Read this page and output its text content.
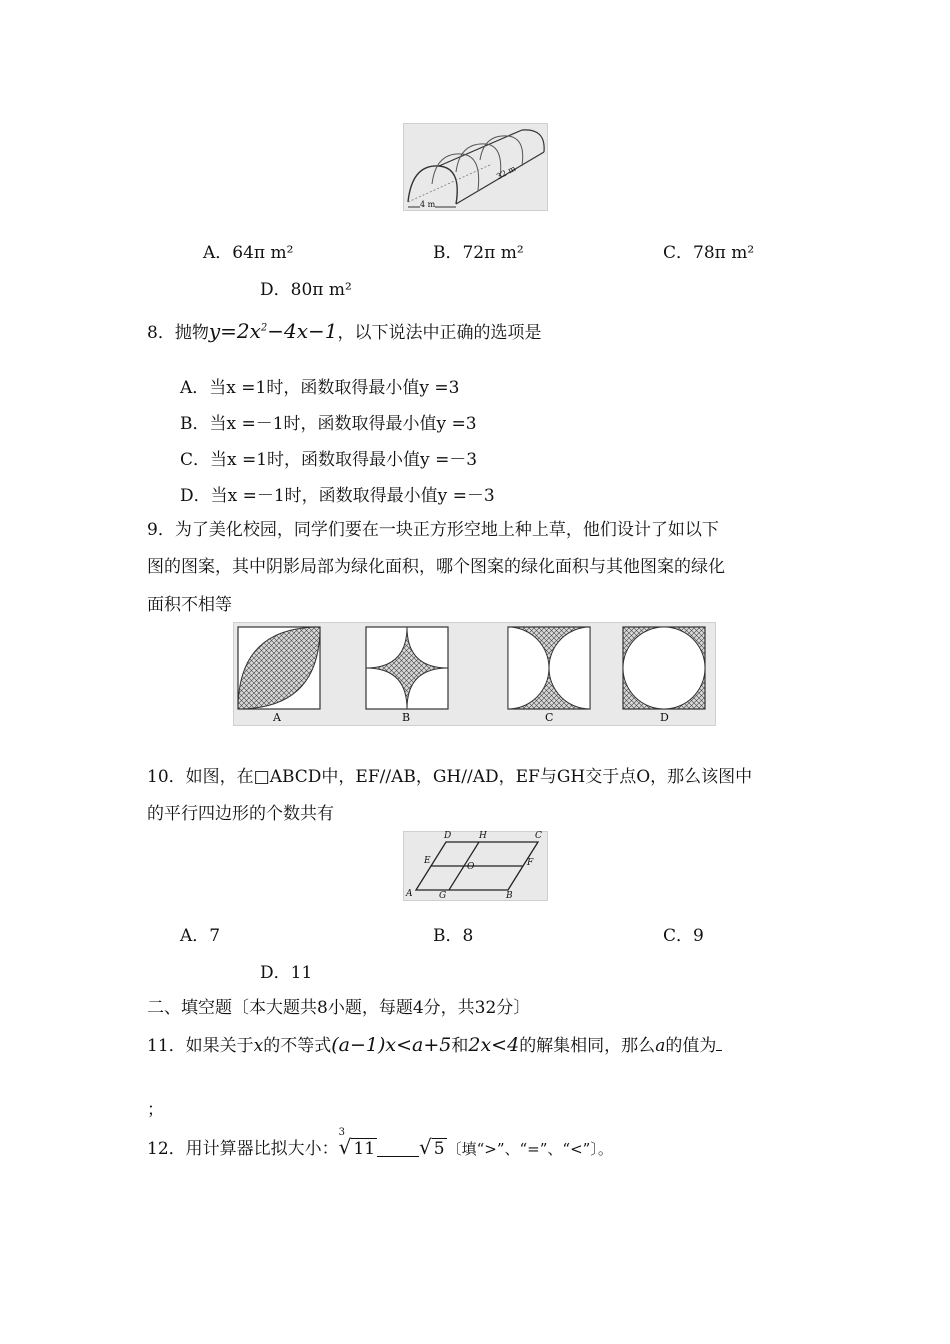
4 m
32 m
A．64π m²	B．72π m²	C．78π m²
D．80π m²
8．抛物$y=2x^2-4x-1$，以下说法中正确的选项是
A．当x =1时，函数取得最小值y =3
B．当x =－1时，函数取得最小值y =3
C．当x =1时，函数取得最小值y =－3
D．当x =－1时，函数取得最小值y =－3
9．为了美化校园，同学们要在一块正方形空地上种上草，他们设计了如以下
图的图案，其中阴影局部为绿化面积，哪个图案的绿化面积与其他图案的绿化
面积不相等
A	B	C	D
10．如图，在□ABCD中，EF//AB，GH//AD，EF与GH交于点O，那么该图中
的平行四边形的个数共有
D	H	C
E
O	F
A	G	B
A．7	B．8	C．9
D．11
二、填空题〔本大题共8小题，每题4分，共32分〕
11．如果关于x的不等式(a−1)x<a+5和2x<4的解集相同，那么a的值为
；
12．用计算器比拟大小：
3
√ 11 √ 5 〔填“>”、“=”、“<”〕。
